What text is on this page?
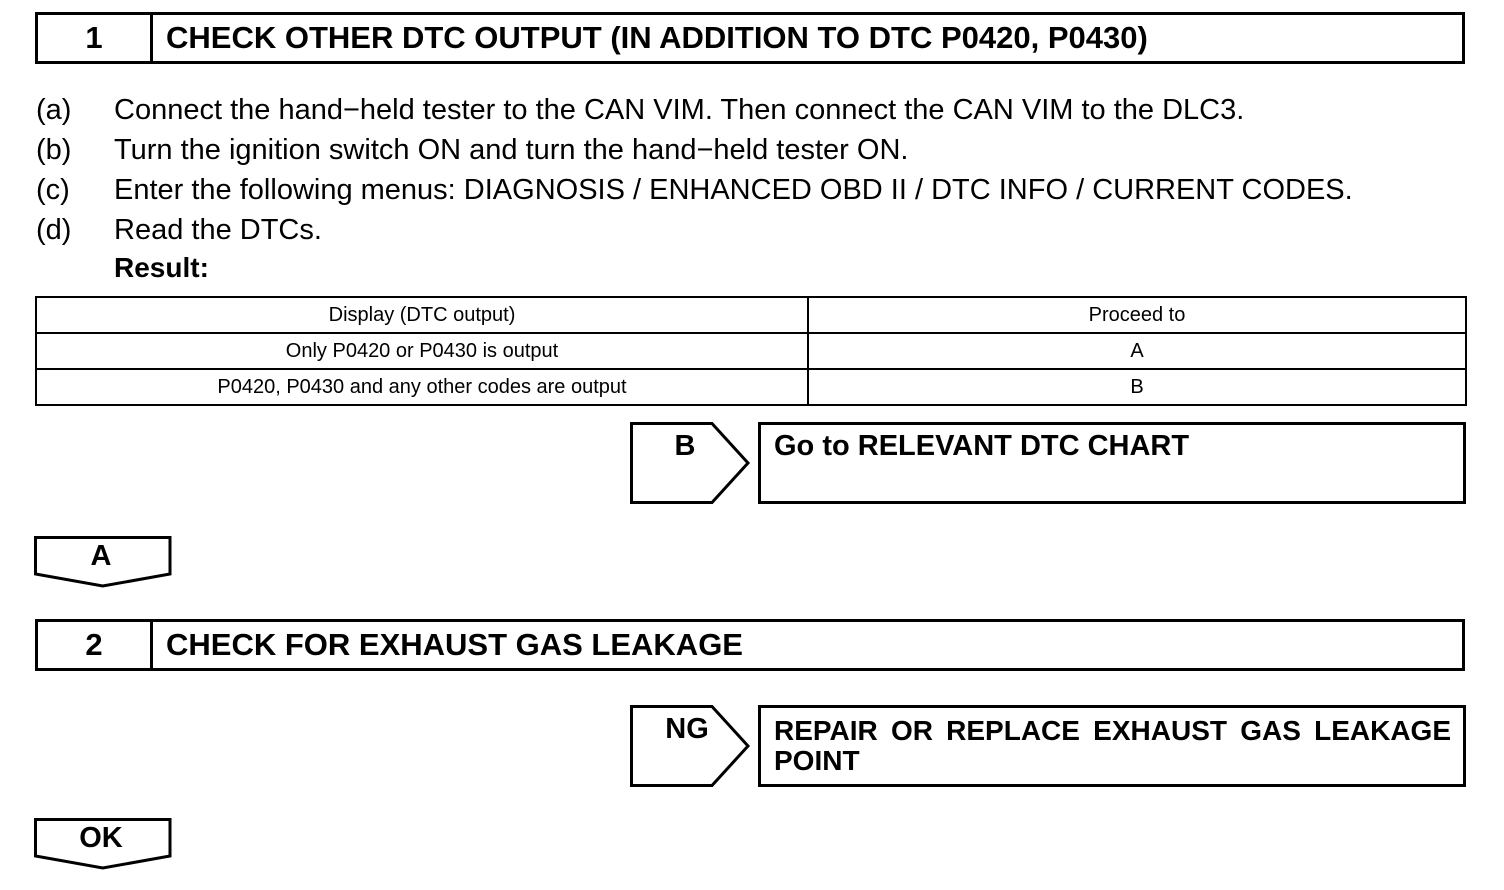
1	CHECK OTHER DTC OUTPUT (IN ADDITION TO DTC P0420, P0430)
(a)	Connect the hand−held tester to the CAN VIM. Then connect the CAN VIM to the DLC3.
(b)	Turn the ignition switch ON and turn the hand−held tester ON.
(c)	Enter the following menus: DIAGNOSIS / ENHANCED OBD II / DTC INFO / CURRENT CODES.
(d)	Read the DTCs.
Result:
Display (DTC output)	Proceed to
Only P0420 or P0430 is output	A
P0420, P0430 and any other codes are output	B
B	Go to RELEVANT DTC CHART
A
2	CHECK FOR EXHAUST GAS LEAKAGE
NG	REPAIR OR REPLACE EXHAUST GAS LEAKAGE POINT
OK
